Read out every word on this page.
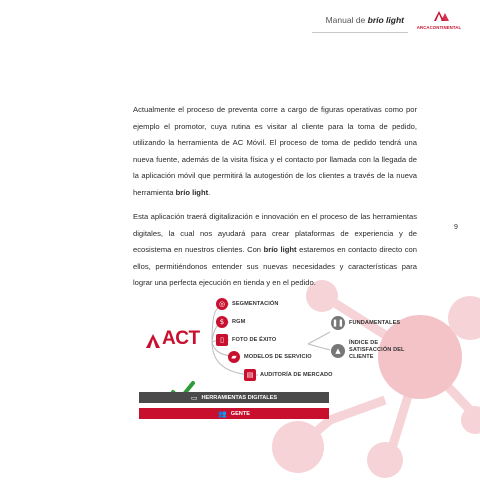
Manual de brío light
ARCACONTINENTAL
Actualmente el proceso de preventa corre a cargo de figuras operativas como por ejemplo el promotor, cuya rutina es visitar al cliente para la toma de pedido, utilizando la herramienta de AC Móvil. El proceso de toma de pedido tendrá una nueva fuente, además de la visita física y el contacto por llamada con la llegada de la aplicación móvil que permitirá la autogestión de los clientes a través de la nueva herramienta brío light.
Esta aplicación traerá digitalización e innovación en el proceso de las herramientas digitales, la cual nos ayudará para crear plataformas de experiencia y de ecosistema en nuestros clientes. Con brío light estaremos en contacto directo con ellos, permitiéndonos entender sus nuevas necesidades y características para lograr una perfecta ejecución en tienda y en el pedido.
9
ACT
◎	SEGMENTACIÓN
$	RGM
▯	FOTO DE ÉXITO
▰	MODELOS DE SERVICIO
▤	AUDITORÍA DE MERCADO
❚❚ FUNDAMENTALES
▲
ÍNDICE DE SATISFACCIÓN DEL CLIENTE
▭ HERRAMIENTAS DIGITALES
👥 GENTE
